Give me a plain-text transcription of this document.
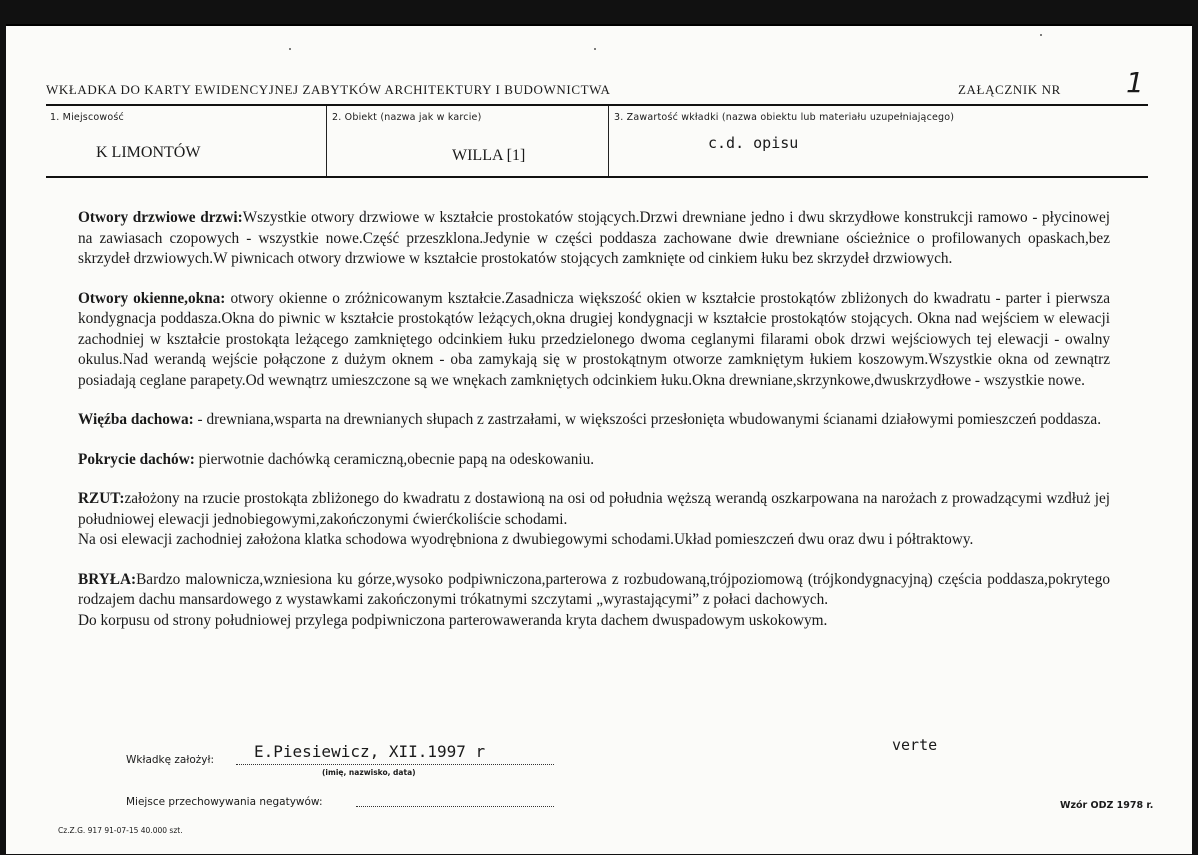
WKŁADKA DO KARTY EWIDENCYJNEJ ZABYTKÓW ARCHITEKTURY I BUDOWNICTWA	ZAŁĄCZNIK NR 1
1. Miejscowość
K LIMONTÓW
2. Obiekt (nazwa jak w karcie)
WILLA [1]
3. Zawartość wkładki (nazwa obiektu lub materiału uzupełniającego)
c.d. opisu

Otwory drzwiowe drzwi:Wszystkie otwory drzwiowe w kształcie prostokatów stojących.Drzwi drewniane jedno i dwu skrzydłowe konstrukcji ramowo - płycinowej na zawiasach czopowych - wszystkie nowe.Część przeszklona.Jedynie w części poddasza zachowane dwie drewniane ościeżnice o profilowanych opaskach,bez skrzydeł drzwiowych.W piwnicach otwory drzwiowe w kształcie prostokatów stojących zamknięte od cinkiem łuku bez skrzydeł drzwiowych.

Otwory okienne,okna: otwory okienne o zróżnicowanym kształcie.Zasadnicza większość okien w kształcie prostokątów zbliżonych do kwadratu - parter i pierwsza kondygnacja poddasza.Okna do piwnic w kształcie prostokątów leżących,okna drugiej kondygnacji w kształcie prostokątów stojących. Okna nad wejściem w elewacji zachodniej w kształcie prostokąta leżącego zamkniętego odcinkiem łuku przedzielonego dwoma ceglanymi filarami obok drzwi wejściowych tej elewacji - owalny okulus.Nad werandą wejście połączone z dużym oknem - oba zamykają się w prostokątnym otworze zamkniętym łukiem koszowym.Wszystkie okna od zewnątrz posiadają ceglane parapety.Od wewnątrz umieszczone są we wnękach zamkniętych odcinkiem łuku.Okna drewniane,skrzynkowe,dwuskrzydłowe - wszystkie nowe.

Więźba dachowa: - drewniana,wsparta na drewnianych słupach z zastrzałami, w większości przesłonięta wbudowanymi ścianami działowymi pomieszczeń poddasza.

Pokrycie dachów: pierwotnie dachówką ceramiczną,obecnie papą na odeskowaniu.

RZUT:założony na rzucie prostokąta zbliżonego do kwadratu z dostawioną na osi od południa węższą werandą oszkarpowana na narożach z prowadzącymi wzdłuż jej południowej elewacji jednobiegowymi,zakończonymi ćwierćkoliście schodami.
Na osi elewacji zachodniej założona klatka schodowa wyodrębniona z dwubiegowymi schodami.Układ pomieszczeń dwu oraz dwu i półtraktowy.

BRYŁA:Bardzo malownicza,wzniesiona ku górze,wysoko podpiwniczona,parterowa z rozbudowaną,trójpoziomową (trójkondygnacyjną) częścia poddasza,pokrytego rodzajem dachu mansardowego z wystawkami zakończonymi trókatnymi szczytami „wyrastającymi” z połaci dachowych.
Do korpusu od strony południowej przylega podpiwniczona parterowaweranda kryta dachem dwuspadowym uskokowym.

verte
Wkładkę założył: E.Piesiewicz, XII.1997 r
(imię, nazwisko, data)
Miejsce przechowywania negatywów:
Cz.Z.G. 917 91-07-15 40.000 szt.
Wzór ODZ 1978 r.
